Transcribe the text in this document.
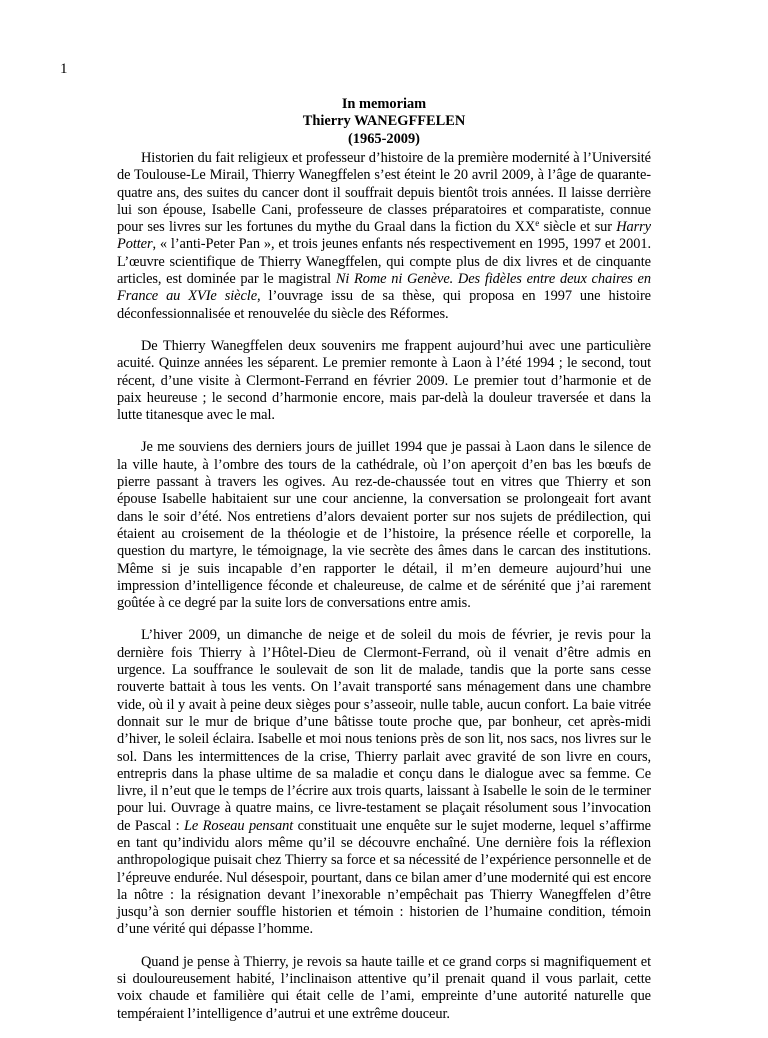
1
In memoriam
Thierry WANEGFFELEN
(1965-2009)

Historien du fait religieux et professeur d’histoire de la première modernité à l’Université de Toulouse-Le Mirail, Thierry Wanegffelen s’est éteint le 20 avril 2009, à l’âge de quarante-quatre ans, des suites du cancer dont il souffrait depuis bientôt trois années. Il laisse derrière lui son épouse, Isabelle Cani, professeure de classes préparatoires et comparatiste, connue pour ses livres sur les fortunes du mythe du Graal dans la fiction du XXe siècle et sur Harry Potter, « l’anti-Peter Pan », et trois jeunes enfants nés respectivement en 1995, 1997 et 2001. L’œuvre scientifique de Thierry Wanegffelen, qui compte plus de dix livres et de cinquante articles, est dominée par le magistral Ni Rome ni Genève. Des fidèles entre deux chaires en France au XVIe siècle, l’ouvrage issu de sa thèse, qui proposa en 1997 une histoire déconfessionnalisée et renouvelée du siècle des Réformes.

De Thierry Wanegffelen deux souvenirs me frappent aujourd’hui avec une particulière acuité. Quinze années les séparent. Le premier remonte à Laon à l’été 1994 ; le second, tout récent, d’une visite à Clermont-Ferrand en février 2009. Le premier tout d’harmonie et de paix heureuse ; le second d’harmonie encore, mais par-delà la douleur traversée et dans la lutte titanesque avec le mal.

Je me souviens des derniers jours de juillet 1994 que je passai à Laon dans le silence de la ville haute, à l’ombre des tours de la cathédrale, où l’on aperçoit d’en bas les bœufs de pierre passant à travers les ogives. Au rez-de-chaussée tout en vitres que Thierry et son épouse Isabelle habitaient sur une cour ancienne, la conversation se prolongeait fort avant dans le soir d’été. Nos entretiens d’alors devaient porter sur nos sujets de prédilection, qui étaient au croisement de la théologie et de l’histoire, la présence réelle et corporelle, la question du martyre, le témoignage, la vie secrète des âmes dans le carcan des institutions. Même si je suis incapable d’en rapporter le détail, il m’en demeure aujourd’hui une impression d’intelligence féconde et chaleureuse, de calme et de sérénité que j’ai rarement goûtée à ce degré par la suite lors de conversations entre amis.

L’hiver 2009, un dimanche de neige et de soleil du mois de février, je revis pour la dernière fois Thierry à l’Hôtel-Dieu de Clermont-Ferrand, où il venait d’être admis en urgence. La souffrance le soulevait de son lit de malade, tandis que la porte sans cesse rouverte battait à tous les vents. On l’avait transporté sans ménagement dans une chambre vide, où il y avait à peine deux sièges pour s’asseoir, nulle table, aucun confort. La baie vitrée donnait sur le mur de brique d’une bâtisse toute proche que, par bonheur, cet après-midi d’hiver, le soleil éclaira. Isabelle et moi nous tenions près de son lit, nos sacs, nos livres sur le sol. Dans les intermittences de la crise, Thierry parlait avec gravité de son livre en cours, entrepris dans la phase ultime de sa maladie et conçu dans le dialogue avec sa femme. Ce livre, il n’eut que le temps de l’écrire aux trois quarts, laissant à Isabelle le soin de le terminer pour lui. Ouvrage à quatre mains, ce livre-testament se plaçait résolument sous l’invocation de Pascal : Le Roseau pensant constituait une enquête sur le sujet moderne, lequel s’affirme en tant qu’individu alors même qu’il se découvre enchaîné. Une dernière fois la réflexion anthropologique puisait chez Thierry sa force et sa nécessité de l’expérience personnelle et de l’épreuve endurée. Nul désespoir, pourtant, dans ce bilan amer d’une modernité qui est encore la nôtre : la résignation devant l’inexorable n’empêchait pas Thierry Wanegffelen d’être jusqu’à son dernier souffle historien et témoin : historien de l’humaine condition, témoin d’une vérité qui dépasse l’homme.

Quand je pense à Thierry, je revois sa haute taille et ce grand corps si magnifiquement et si douloureusement habité, l’inclinaison attentive qu’il prenait quand il vous parlait, cette voix chaude et familière qui était celle de l’ami, empreinte d’une autorité naturelle que tempéraient l’intelligence d’autrui et une extrême douceur.
